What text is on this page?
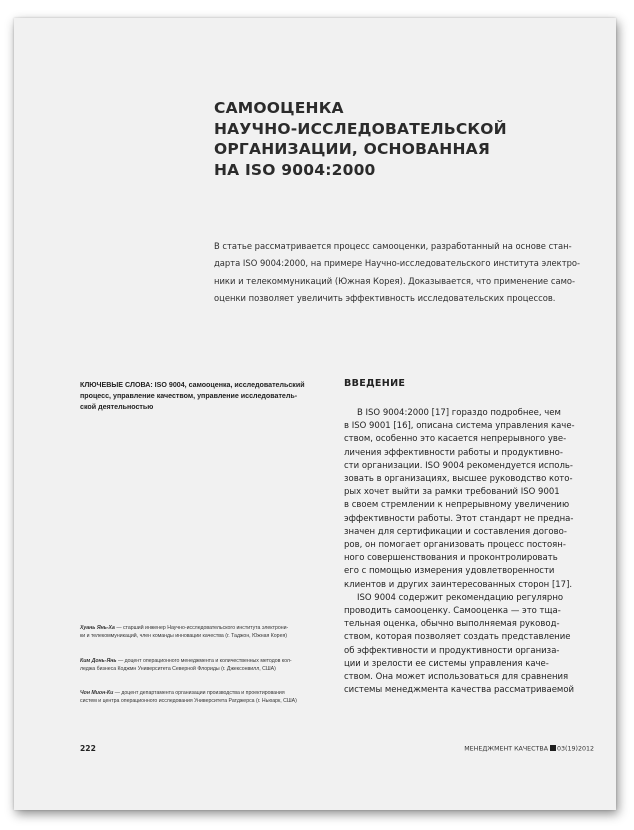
САМООЦЕНКА
НАУЧНО-ИССЛЕДОВАТЕЛЬСКОЙ
ОРГАНИЗАЦИИ, ОСНОВАННАЯ
НА ISO 9004:2000

В статье рассматривается процесс самооценки, разработанный на основе стан-
дарта ISO 9004:2000, на примере Научно-исследовательского института электро-
ники и телекоммуникаций (Южная Корея). Доказывается, что применение само-
оценки позволяет увеличить эффективность исследовательских процессов.

КЛЮЧЕВЫЕ СЛОВА: ISO 9004, самооценка, исследовательский
процесс, управление качеством, управление исследователь-
ской деятельностью

ВВЕДЕНИЕ
В ISO 9004:2000 [17] гораздо подробнее, чем
в ISO 9001 [16], описана система управления каче-
ством, особенно это касается непрерывного уве-
личения эффективности работы и продуктивно-
сти организации. ISO 9004 рекомендуется исполь-
зовать в организациях, высшее руководство кото-
рых хочет выйти за рамки требований ISO 9001
в своем стремлении к непрерывному увеличению
эффективности работы. Этот стандарт не предна-
значен для сертификации и составления догово-
ров, он помогает организовать процесс постоян-
ного совершенствования и проконтролировать
его с помощью измерения удовлетворенности
клиентов и других заинтересованных сторон [17].
ISO 9004 содержит рекомендацию регулярно
проводить самооценку. Самооценка — это тща-
тельная оценка, обычно выполняемая руковод-
ством, которая позволяет создать представление
об эффективности и продуктивности организа-
ции и зрелости ее системы управления каче-
ством. Она может использоваться для сравнения
системы менеджмента качества рассматриваемой

Хуань Янь-Ха — старший инженер Научно-исследовательского института электрони-
ки и телекоммуникаций, член команды инновации качества (г. Таджон, Южная Корея)

Ким Донь-Янь — доцент операционного менеджмента и количественных методов кол-
леджа бизнеса Коджмн Университета Северной Флориды (г. Джексонвилл, США)

Чон Мион-Ки — доцент департамента организации производства и проектирования
систем и центра операционного исследования Университета Ратджерса (г. Ньюарк, США)

222	МЕНЕДЖМЕНТ КАЧЕСТВА 03(19)2012
